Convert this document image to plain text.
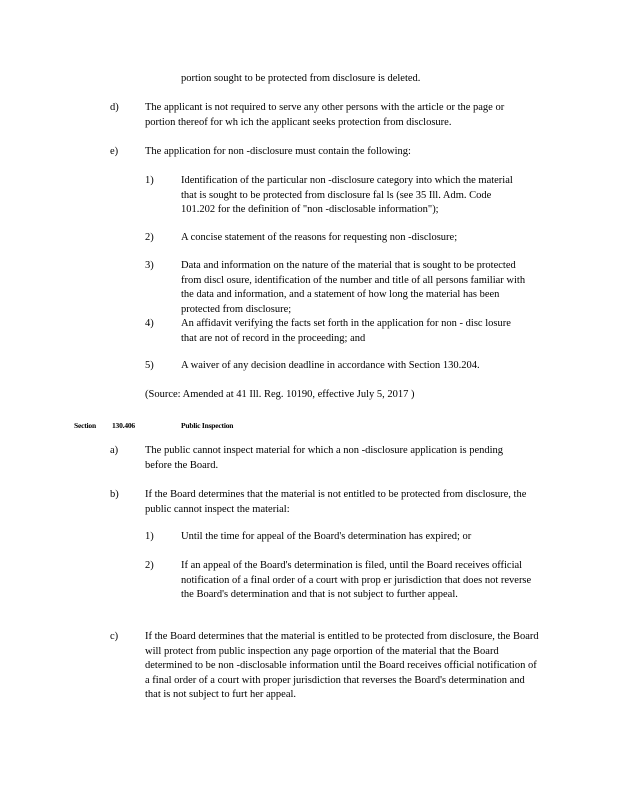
portion sought to be protected from disclosure is deleted.

d)	The applicant is not required to serve any other persons with the article or the page or portion thereof for wh ich the applicant seeks protection from disclosure.

e)	The application for non -disclosure must contain the following:

1)	Identification of the particular non -disclosure category into which the material that is sought to be protected from disclosure fal ls (see 35 Ill. Adm. Code 101.202 for the definition of "non -disclosable information");

2)	A concise statement of the reasons for requesting non -disclosure;

3)	Data and information on the nature of the material that is sought to be protected from discl osure, identification of the number and title of all persons familiar with the data and information, and a statement of how long the material has been protected from disclosure;

4)	An affidavit verifying the facts set forth in the application for non - disc losure that are not of record in the proceeding; and

5)	A waiver of any decision deadline in accordance with Section 130.204.

(Source: Amended at 41 Ill. Reg. 10190, effective July 5, 2017 )

Section 130.406	Public Inspection

a)	The public cannot inspect material for which a non -disclosure application is pending before the Board.

b)	If the Board determines that the material is not entitled to be protected from disclosure, the public cannot inspect the material:

1)	Until the time for appeal of the Board's determination has expired; or

2)	If an appeal of the Board's determination is filed, until the Board receives official notification of a final order of a court with prop er jurisdiction that does not reverse the Board's determination and that is not subject to further appeal.

c)	If the Board determines that the material is entitled to be protected from disclosure, the Board will protect from public inspection any page orportion of the material that the Board determined to be non -disclosable information until the Board receives official notification of a final order of a court with proper jurisdiction that reverses the Board's determination and that is not subject to furt her appeal.
